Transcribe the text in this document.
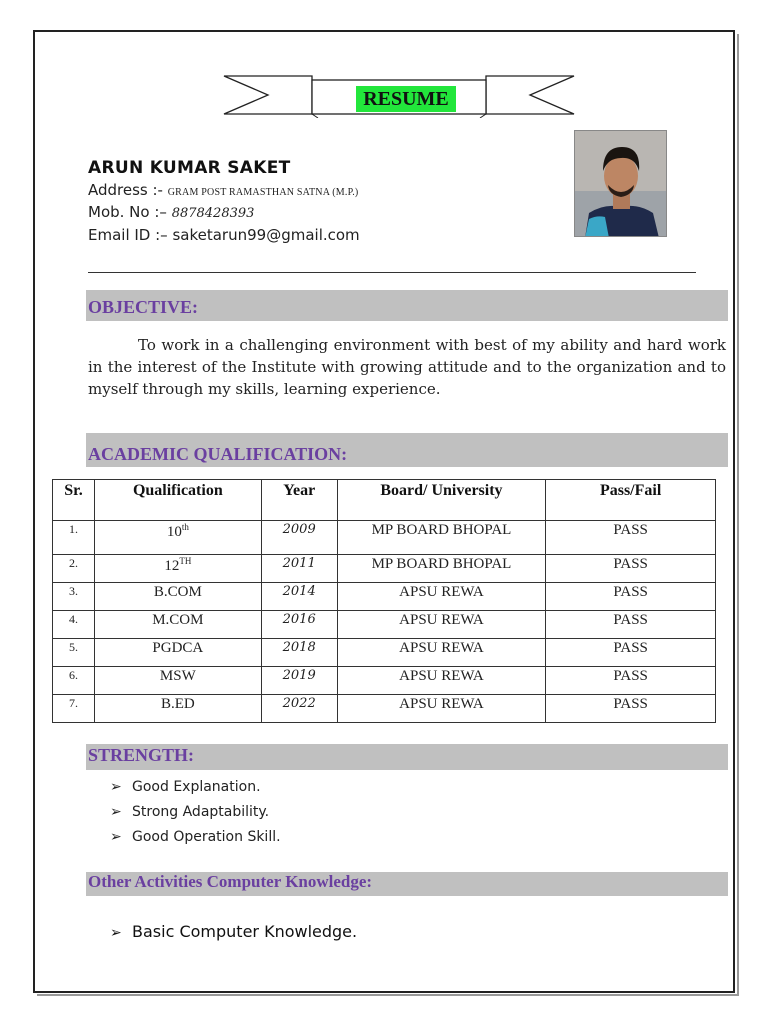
RESUME
ARUN KUMAR SAKET
Address :- GRAM POST RAMASTHAN SATNA (M.P.)
Mob. No :– 8878428393
Email ID :– saketarun99@gmail.com
OBJECTIVE:
To work in a challenging environment with best of my ability and hard work in the interest of the Institute with growing attitude and to the organization and to myself through my skills, learning experience.
ACADEMIC QUALIFICATION:
Sr.	Qualification	Year	Board/ University	Pass/Fail
1.	10th	2009	MP BOARD BHOPAL	PASS
2.	12TH	2011	MP BOARD BHOPAL	PASS
3.	B.COM	2014	APSU REWA	PASS
4.	M.COM	2016	APSU REWA	PASS
5.	PGDCA	2018	APSU REWA	PASS
6.	MSW	2019	APSU REWA	PASS
7.	B.ED	2022	APSU REWA	PASS
STRENGTH:
➢ Good Explanation.
➢ Strong Adaptability.
➢ Good Operation Skill.
Other Activities Computer Knowledge:
➢ Basic Computer Knowledge.
